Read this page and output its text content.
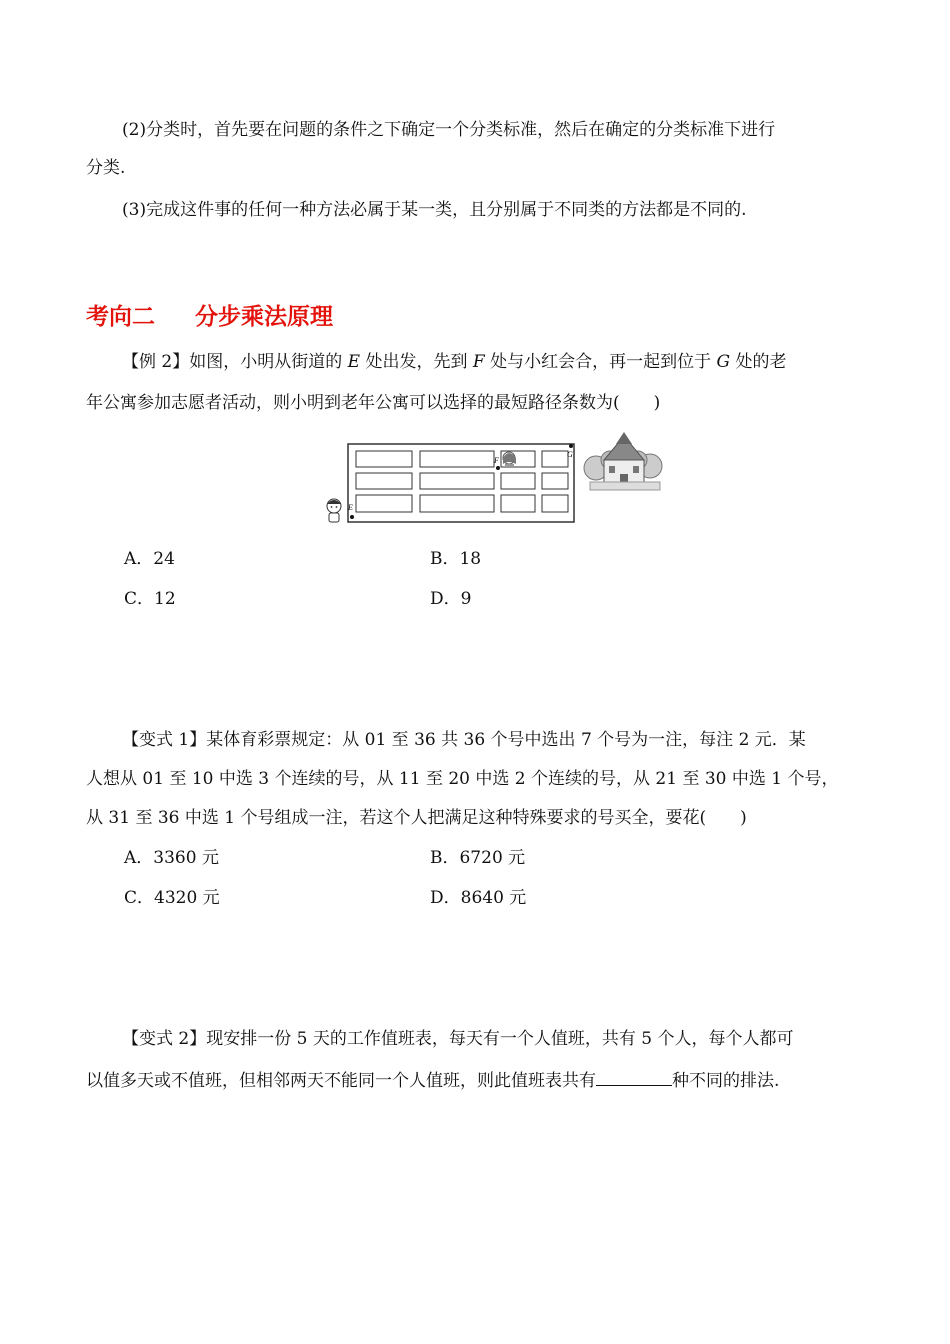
(2)分类时，首先要在问题的条件之下确定一个分类标准，然后在确定的分类标准下进行
分类.
(3)完成这件事的任何一种方法必属于某一类，且分别属于不同类的方法都是不同的.
考向二 分步乘法原理
【例 2】如图，小明从街道的 E 处出发，先到 F 处与小红会合，再一起到位于 G 处的老
年公寓参加志愿者活动，则小明到老年公寓可以选择的最短路径条数为(　　)
E
F
G
A．24	B．18
C．12	D．9
【变式 1】某体育彩票规定：从 01 至 36 共 36 个号中选出 7 个号为一注，每注 2 元．某
人想从 01 至 10 中选 3 个连续的号，从 11 至 20 中选 2 个连续的号，从 21 至 30 中选 1 个号，
从 31 至 36 中选 1 个号组成一注，若这个人把满足这种特殊要求的号买全，要花(　　)
A．3360 元	B．6720 元
C．4320 元	D．8640 元
【变式 2】现安排一份 5 天的工作值班表，每天有一个人值班，共有 5 个人，每个人都可
以值多天或不值班，但相邻两天不能同一个人值班，则此值班表共有	种不同的排法.
